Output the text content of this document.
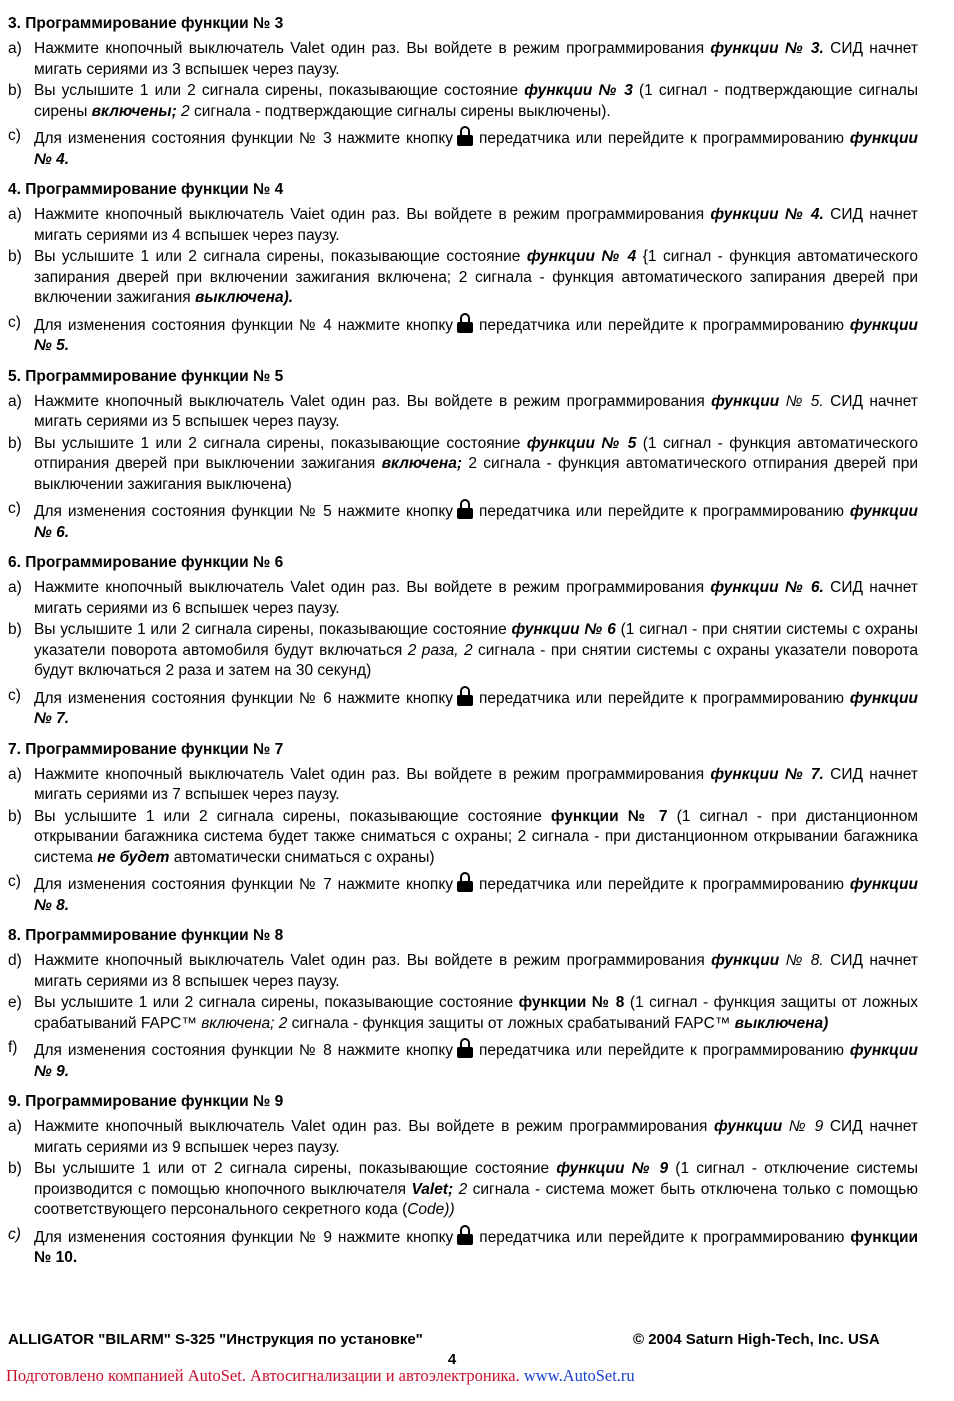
3. Программирование функции № 3
a) Нажмите кнопочный выключатель Valet один раз. Вы войдете в режим программирования функции № 3. СИД начнет мигать сериями из 3 вспышек через паузу.
b) Вы услышите 1 или 2 сигнала сирены, показывающие состояние функции № 3 (1 сигнал - подтверждающие сигналы сирены включены; 2 сигнала - подтверждающие сигналы сирены выключены).
c) Для изменения состояния функции № 3 нажмите кнопку передатчика или перейдите к программированию функции № 4.
4. Программирование функции № 4
a) Нажмите кнопочный выключатель Vaiet один раз. Вы войдете в режим программирования функции № 4. СИД начнет мигать сериями из 4 вспышек через паузу.
b) Вы услышите 1 или 2 сигнала сирены, показывающие состояние функции № 4 {1 сигнал - функция автоматического запирания дверей при включении зажигания включена; 2 сигнала - функция автоматического запирания дверей при включении зажигания выключена).
c) Для изменения состояния функции № 4 нажмите кнопку передатчика или перейдите к программированию функции № 5.
5. Программирование функции № 5
a) Нажмите кнопочный выключатель Valet один раз. Вы войдете в режим программирования функции № 5. СИД начнет мигать сериями из 5 вспышек через паузу.
b) Вы услышите 1 или 2 сигнала сирены, показывающие состояние функции № 5 (1 сигнал - функция автоматического отпирания дверей при выключении зажигания включена; 2 сигнала - функция автоматического отпирания дверей при выключении зажигания выключена)
c) Для изменения состояния функции № 5 нажмите кнопку передатчика или перейдите к программированию функции № 6.
6. Программирование функции № 6
a) Нажмите кнопочный выключатель Valet один раз. Вы войдете в режим программирования функции № 6. СИД начнет мигать сериями из 6 вспышек через паузу.
b) Вы услышите 1 или 2 сигнала сирены, показывающие состояние функции № 6 (1 сигнал - при снятии системы с охраны указатели поворота автомобиля будут включаться 2 раза, 2 сигнала - при снятии системы с охраны указатели поворота будут включаться 2 раза и затем на 30 секунд)
c) Для изменения состояния функции № 6 нажмите кнопку передатчика или перейдите к программированию функции № 7.
7. Программирование функции № 7
a) Нажмите кнопочный выключатель Valet один раз. Вы войдете в режим программирования функции № 7. СИД начнет мигать сериями из 7 вспышек через паузу.
b) Вы услышите 1 или 2 сигнала сирены, показывающие состояние функции № 7 (1 сигнал - при дистанционном открывании багажника система будет также сниматься с охраны; 2 сигнала - при дистанционном открывании багажника система не будет автоматически сниматься с охраны)
c) Для изменения состояния функции № 7 нажмите кнопку передатчика или перейдите к программированию функции № 8.
8. Программирование функции № 8
d) Нажмите кнопочный выключатель Valet один раз. Вы войдете в режим программирования функции № 8. СИД начнет мигать сериями из 8 вспышек через паузу.
e) Вы услышите 1 или 2 сигнала сирены, показывающие состояние функции № 8 (1 сигнал - функция защиты от ложных срабатываний FAPC™ включена; 2 сигнала - функция защиты от ложных срабатываний FAPC™ выключена)
f)	Для изменения состояния функции № 8 нажмите кнопку передатчика или перейдите к программированию функции № 9.
9. Программирование функции № 9
a) Нажмите кнопочный выключатель Valet один раз. Вы войдете в режим программирования функции № 9 СИД начнет мигать сериями из 9 вспышек через паузу.
b) Вы услышите 1 или от 2 сигнала сирены, показывающие состояние функции № 9 (1 сигнал - отключение системы производится с помощью кнопочного выключателя Valet; 2 сигнала - система может быть отключена только с помощью соответствующего персонального секретного кода (Code))
c) Для изменения состояния функции № 9 нажмите кнопку передатчика или перейдите к программированию функции № 10.
ALLIGATOR "BILARM" S-325 "Инструкция по установке"	© 2004 Saturn High-Tech, Inc. USA
4
Подготовлено компанией AutoSet. Автосигнализации и автоэлектроника. www.AutoSet.ru
